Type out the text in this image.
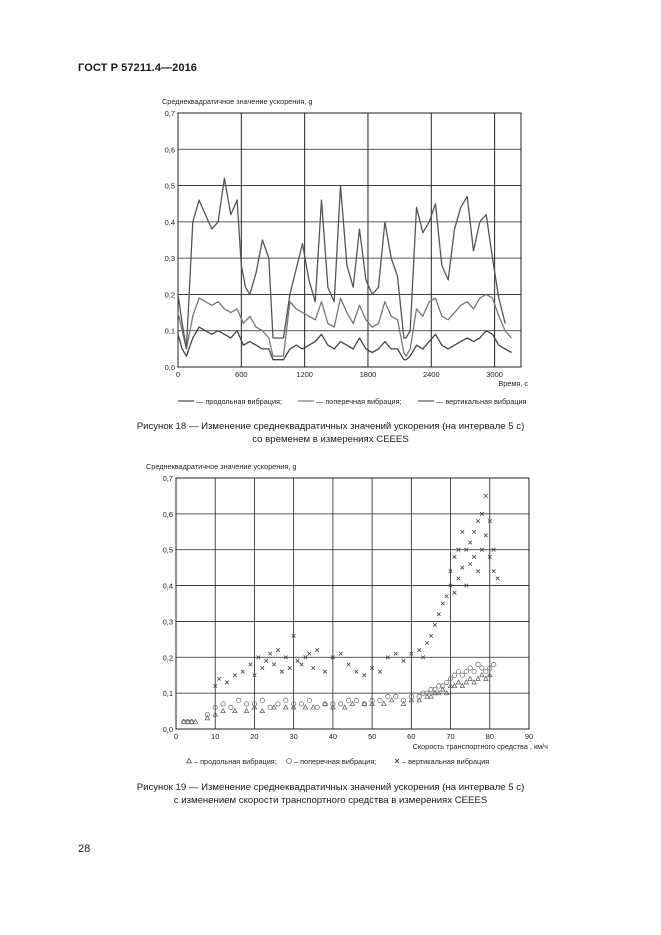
ГОСТ Р 57211.4—2016
0,0
0,1
0,2
0,3
0,4
0,5
0,6
0,7
0	600	1200	1800	2400	3000
Среднеквадратичное значение ускорения, g
Время, с
— продольная вибрация;	— поперечная вибрация;	— вертикальная вибрация
0,0
0,1
0,2
0,3
0,4
0,5
0,6
0,7
0	10	20	30	40	50	60	70	80	90
Среднеквадратичное значение ускорения, g
Скорость транспортного средства , км/ч
– продольная вибрация; – поперечная вибрация;	– вертикальная вибрация
Рисунок 18 — Изменение среднеквадратичных значений ускорения (на интервале 5 с)
со временем в измерениях CEEES
Рисунок 19 — Изменение среднеквадратичных значений ускорения (на интервале 5 с)
с изменением скорости транспортного средства в измерениях CEEES
28
